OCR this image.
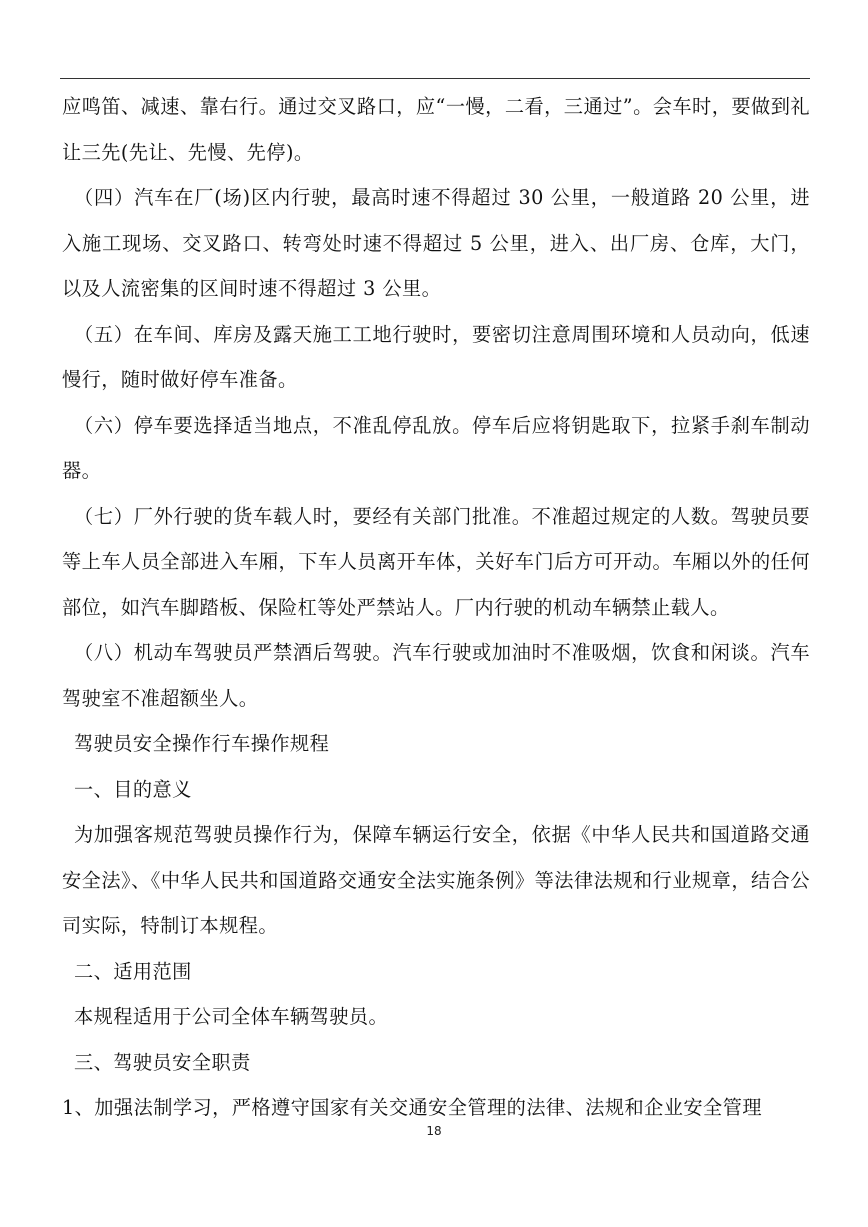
应鸣笛、减速、靠右行。通过交叉路口，应“一慢，二看，三通过”。会车时，要做到礼让三先(先让、先慢、先停)。

（四）汽车在厂(场)区内行驶，最高时速不得超过 30 公里，一般道路 20 公里，进入施工现场、交叉路口、转弯处时速不得超过 5 公里，进入、出厂房、仓库，大门，以及人流密集的区间时速不得超过 3 公里。

（五）在车间、库房及露天施工工地行驶时，要密切注意周围环境和人员动向，低速慢行，随时做好停车准备。

（六）停车要选择适当地点，不准乱停乱放。停车后应将钥匙取下，拉紧手刹车制动器。

（七）厂外行驶的货车载人时，要经有关部门批准。不准超过规定的人数。驾驶员要等上车人员全部进入车厢，下车人员离开车体，关好车门后方可开动。车厢以外的任何部位，如汽车脚踏板、保险杠等处严禁站人。厂内行驶的机动车辆禁止载人。

（八）机动车驾驶员严禁酒后驾驶。汽车行驶或加油时不准吸烟，饮食和闲谈。汽车驾驶室不准超额坐人。

驾驶员安全操作行车操作规程

一、目的意义

为加强客规范驾驶员操作行为，保障车辆运行安全，依据《中华人民共和国道路交通安全法》、《中华人民共和国道路交通安全法实施条例》等法律法规和行业规章，结合公司实际，特制订本规程。

二、适用范围

本规程适用于公司全体车辆驾驶员。

三、驾驶员安全职责

1、加强法制学习，严格遵守国家有关交通安全管理的法律、法规和企业安全管理

18
